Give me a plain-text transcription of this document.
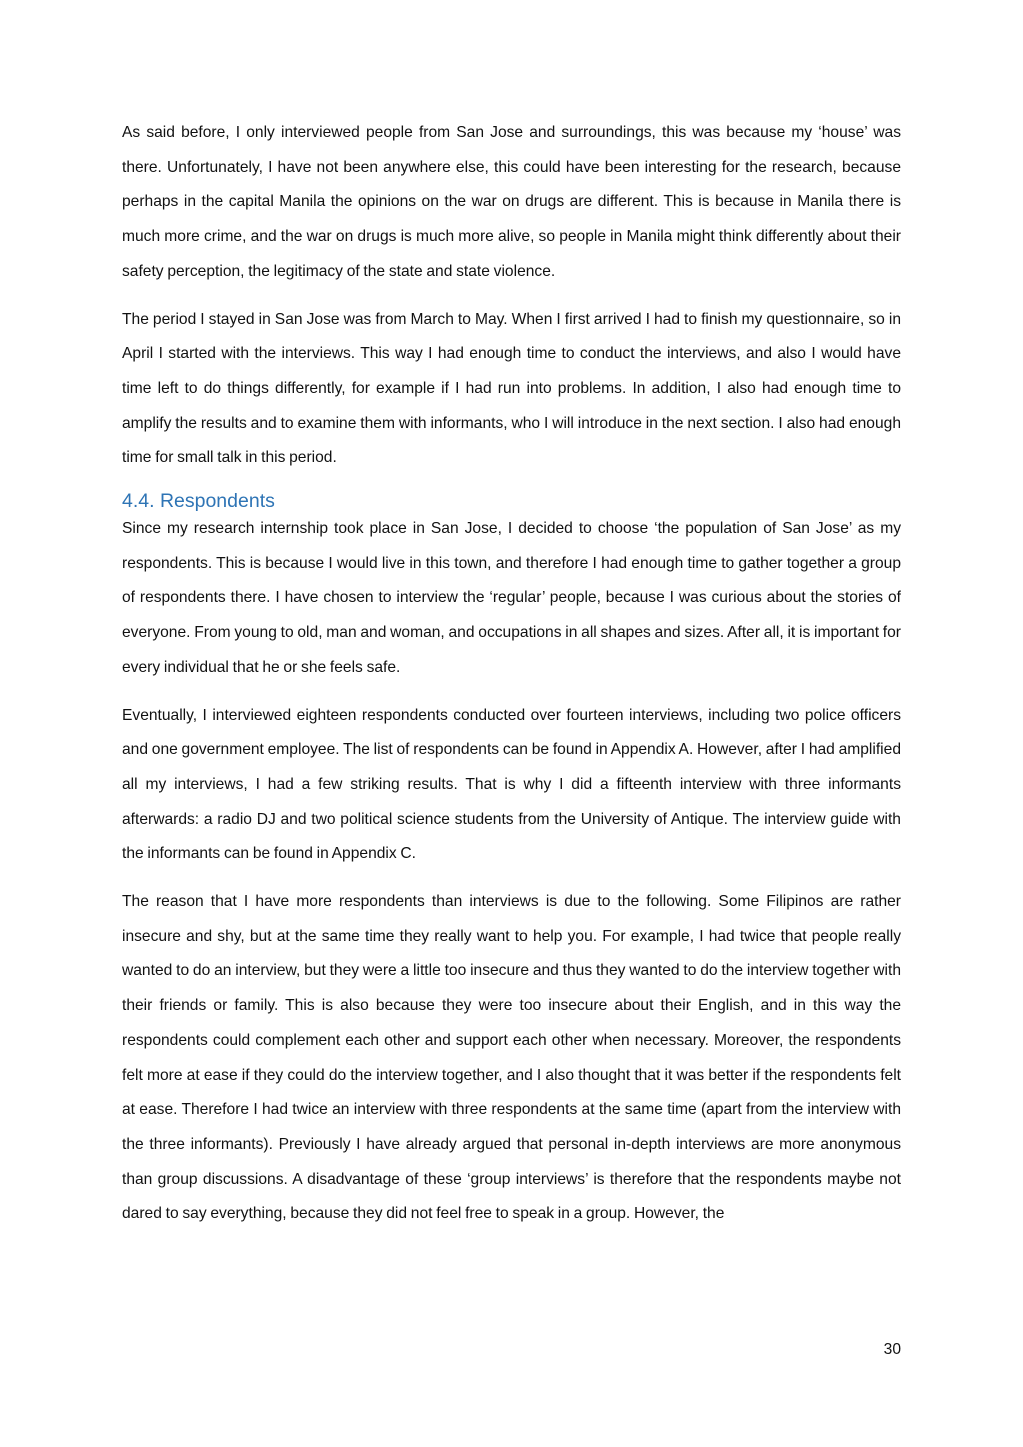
As said before, I only interviewed people from San Jose and surroundings, this was because my ‘house’ was there. Unfortunately, I have not been anywhere else, this could have been interesting for the research, because perhaps in the capital Manila the opinions on the war on drugs are different. This is because in Manila there is much more crime, and the war on drugs is much more alive, so people in Manila might think differently about their safety perception, the legitimacy of the state and state violence.

The period I stayed in San Jose was from March to May. When I first arrived I had to finish my questionnaire, so in April I started with the interviews. This way I had enough time to conduct the interviews, and also I would have time left to do things differently, for example if I had run into problems. In addition, I also had enough time to amplify the results and to examine them with informants, who I will introduce in the next section. I also had enough time for small talk in this period.

4.4. Respondents

Since my research internship took place in San Jose, I decided to choose ‘the population of San Jose’ as my respondents. This is because I would live in this town, and therefore I had enough time to gather together a group of respondents there. I have chosen to interview the ‘regular’ people, because I was curious about the stories of everyone. From young to old, man and woman, and occupations in all shapes and sizes. After all, it is important for every individual that he or she feels safe.

Eventually, I interviewed eighteen respondents conducted over fourteen interviews, including two police officers and one government employee. The list of respondents can be found in Appendix A. However, after I had amplified all my interviews, I had a few striking results. That is why I did a fifteenth interview with three informants afterwards: a radio DJ and two political science students from the University of Antique. The interview guide with the informants can be found in Appendix C.

The reason that I have more respondents than interviews is due to the following. Some Filipinos are rather insecure and shy, but at the same time they really want to help you. For example, I had twice that people really wanted to do an interview, but they were a little too insecure and thus they wanted to do the interview together with their friends or family. This is also because they were too insecure about their English, and in this way the respondents could complement each other and support each other when necessary. Moreover, the respondents felt more at ease if they could do the interview together, and I also thought that it was better if the respondents felt at ease. Therefore I had twice an interview with three respondents at the same time (apart from the interview with the three informants). Previously I have already argued that personal in-depth interviews are more anonymous than group discussions. A disadvantage of these ‘group interviews’ is therefore that the respondents maybe not dared to say everything, because they did not feel free to speak in a group. However, the

30
